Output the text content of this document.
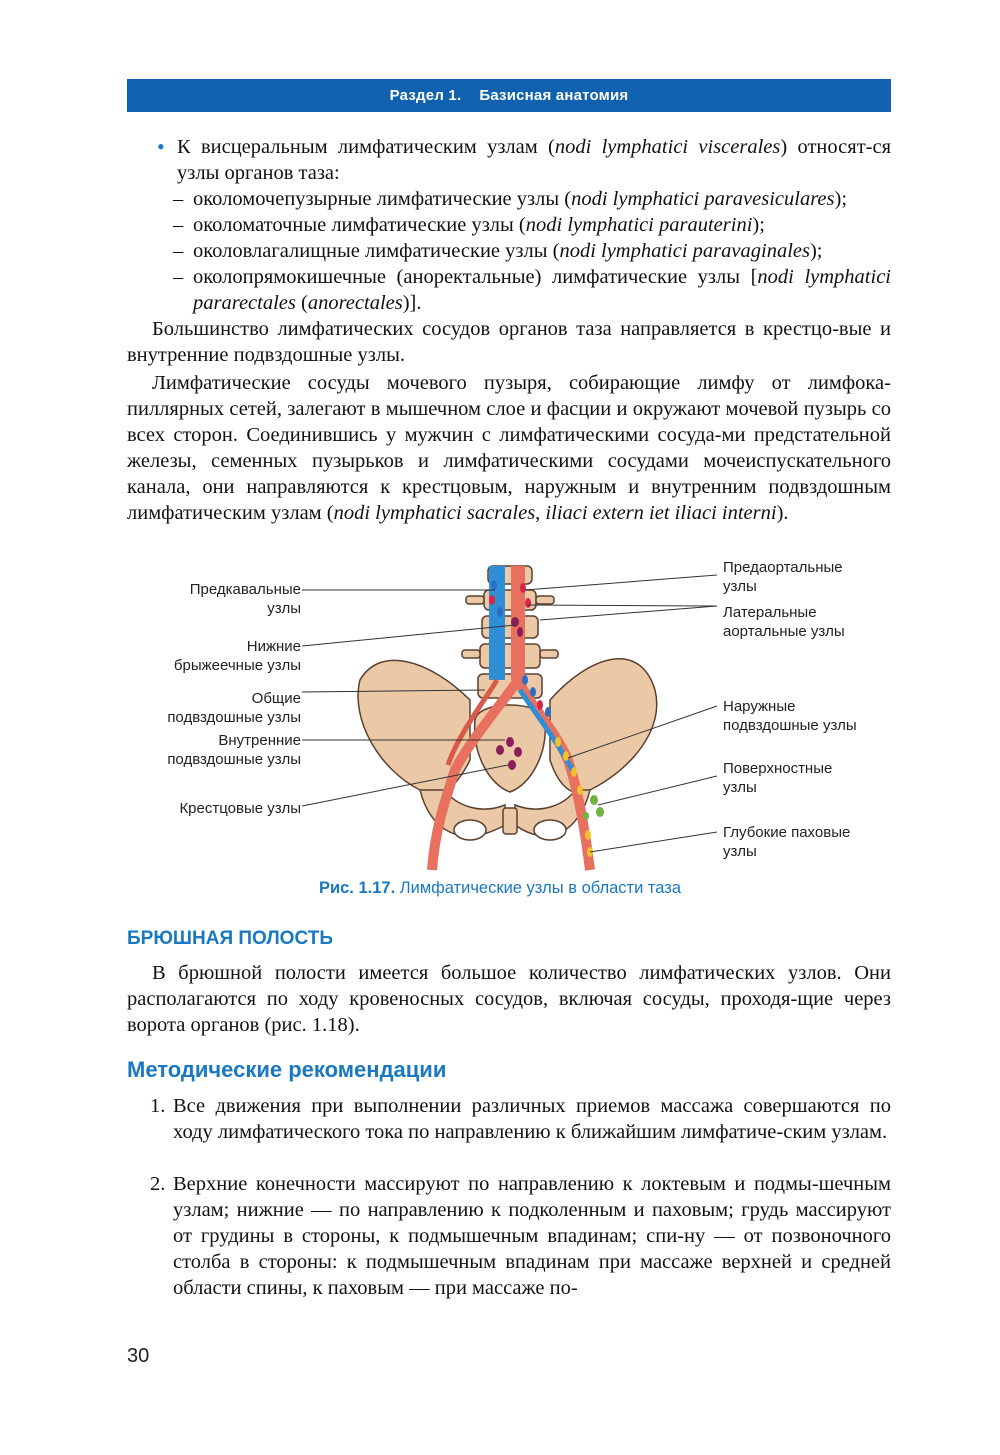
Раздел 1. Базисная анатомия
• К висцеральным лимфатическим узлам (nodi lymphatici viscerales) относят-ся узлы органов таза:

– околомочепузырные лимфатические узлы (nodi lymphatici paravesiculares);

– околоматочные лимфатические узлы (nodi lymphatici parauterini);

– околовлагалищные лимфатические узлы (nodi lymphatici paravaginales);

– околопрямокишечные (аноректальные) лимфатические узлы [nodi lymphatici pararectales (anorectales)].

Большинство лимфатических сосудов органов таза направляется в крестцо-вые и внутренние подвздошные узлы.

Лимфатические сосуды мочевого пузыря, собирающие лимфу от лимфока-пиллярных сетей, залегают в мышечном слое и фасции и окружают мочевой пузырь со всех сторон. Соединившись у мужчин с лимфатическими сосуда-ми предстательной железы, семенных пузырьков и лимфатическими сосудами мочеиспускательного канала, они направляются к крестцовым, наружным и внутренним подвздошным лимфатическим узлам (nodi lymphatici sacrales, iliaci extern iet iliaci interni).

Предкавальные
узлы
Нижние
брыжеечные узлы
Общие
подвздошные узлы
Внутренние
подвздошные узлы
Крестцовые узлы
Предаортальные
узлы
Латеральные
аортальные узлы
Наружные
подвздошные узлы
Поверхностные
узлы
Глубокие паховые
узлы
Рис. 1.17. Лимфатические узлы в области таза
БРЮШНАЯ ПОЛОСТЬ

В брюшной полости имеется большое количество лимфатических узлов. Они располагаются по ходу кровеносных сосудов, включая сосуды, проходя-щие через ворота органов (рис. 1.18).

Методические рекомендации
1. Все движения при выполнении различных приемов массажа совершаются по ходу лимфатического тока по направлению к ближайшим лимфатиче-ским узлам.

2. Верхние конечности массируют по направлению к локтевым и подмы-шечным узлам; нижние — по направлению к подколенным и паховым; грудь массируют от грудины в стороны, к подмышечным впадинам; спи-ну — от позвоночного столба в стороны: к подмышечным впадинам при массаже верхней и средней области спины, к паховым — при массаже по-

30
